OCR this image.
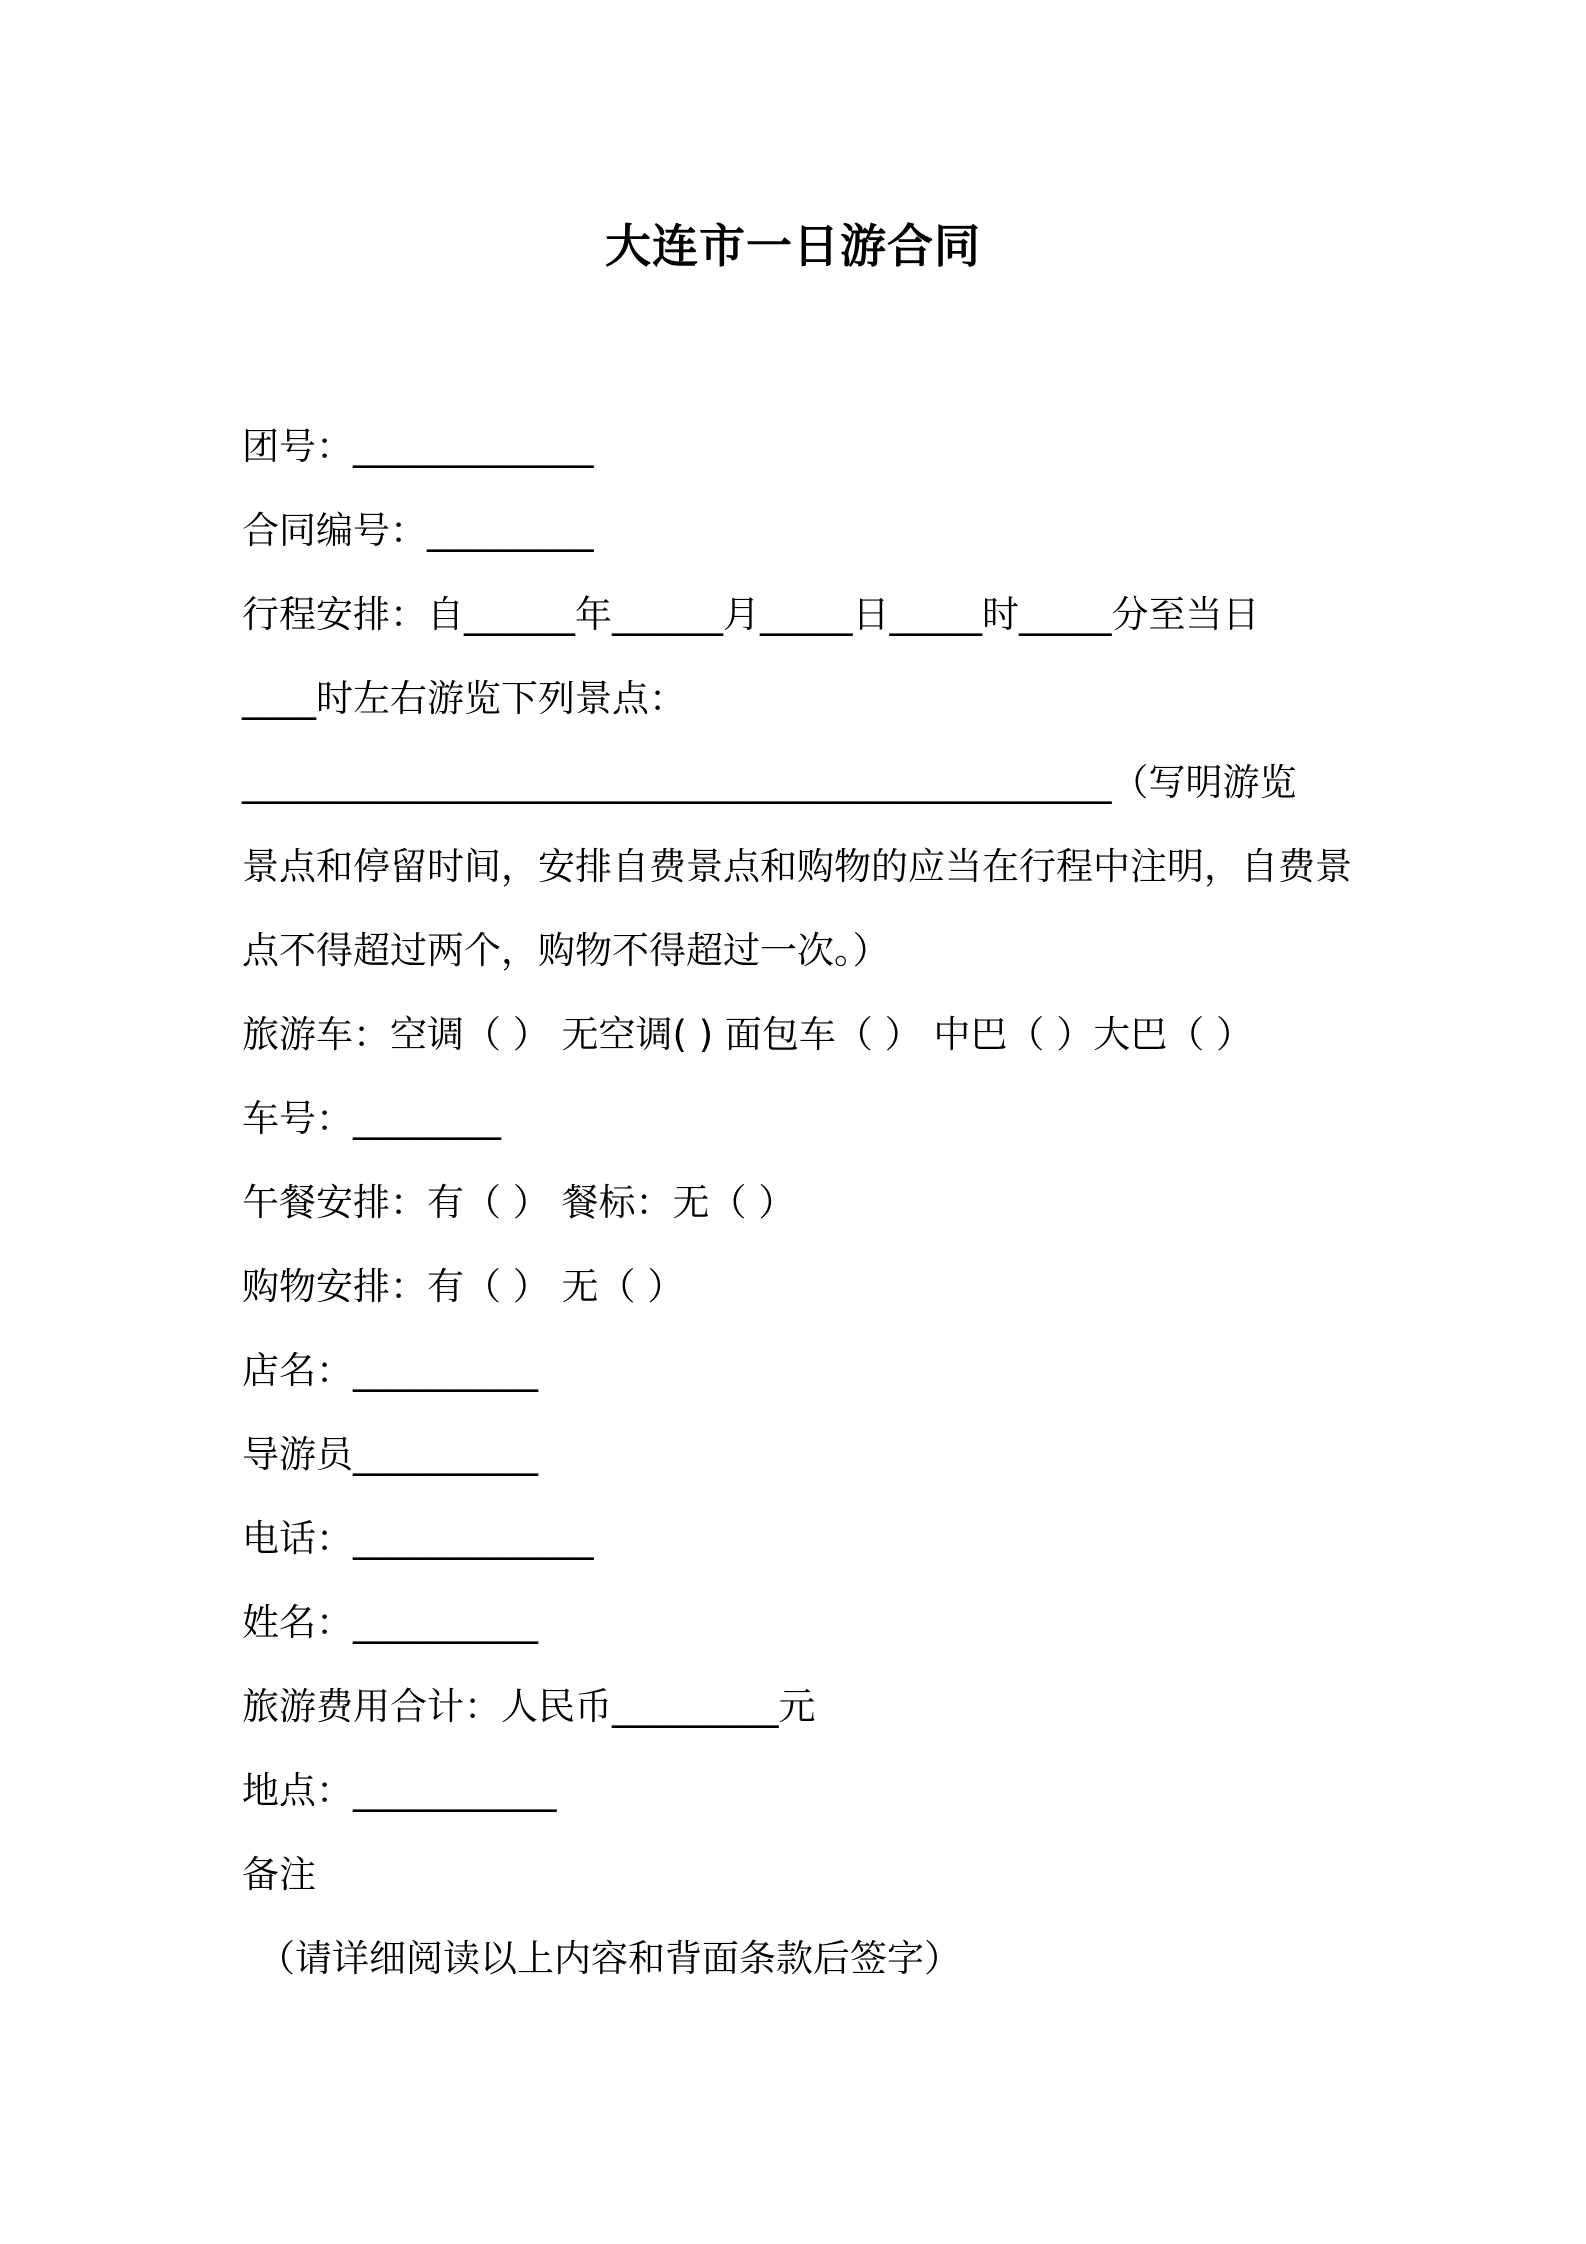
大连市一日游合同
团号：_____________
合同编号：_________
行程安排：自______年______月_____日_____时_____分至当日
____时左右游览下列景点：
_______________________________________________（写明游览
景点和停留时间，安排自费景点和购物的应当在行程中注明，自费景
点不得超过两个，购物不得超过一次。）
旅游车：空调（ ） 无空调( ) 面包车（ ） 中巴（ ）大巴（ ）
车号：________
午餐安排：有（ ） 餐标：无（ ）
购物安排：有（ ） 无（ ）
店名：__________
导游员__________
电话：_____________
姓名：__________
旅游费用合计：人民币_________元
地点：___________
备注
（请详细阅读以上内容和背面条款后签字）
